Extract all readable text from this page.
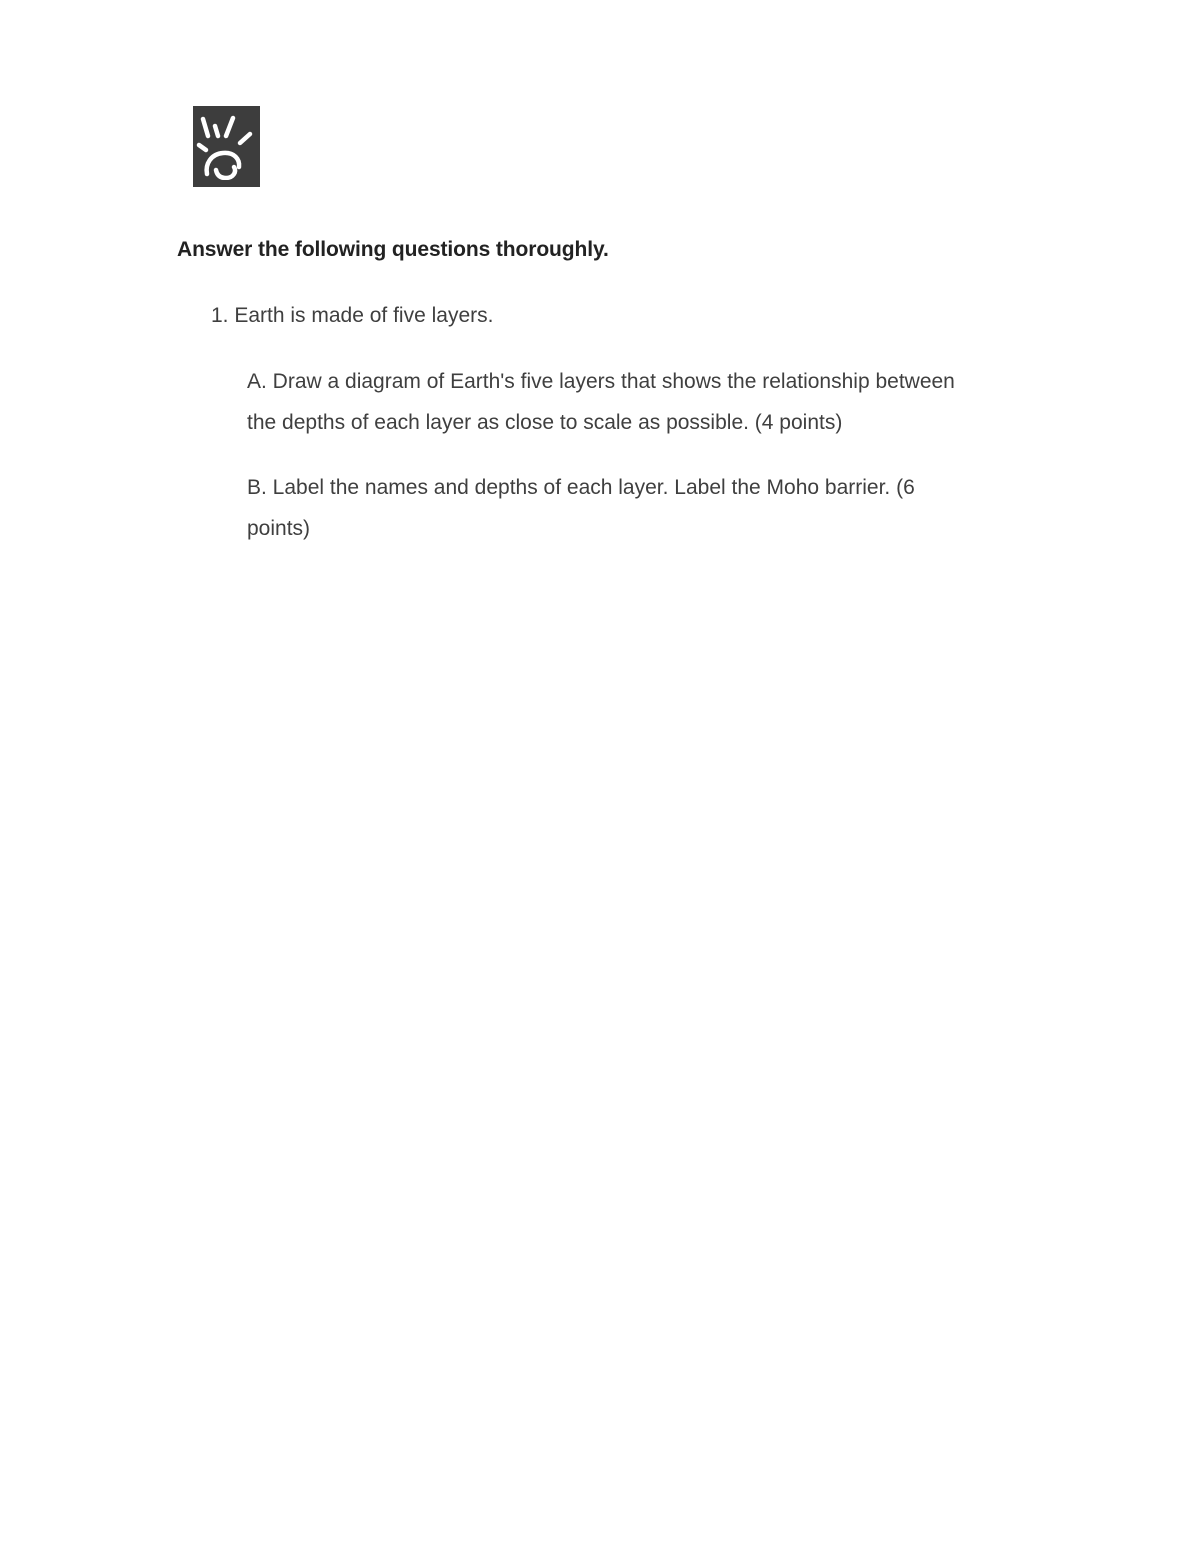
Answer the following questions thoroughly.
1. Earth is made of five layers.
A. Draw a diagram of Earth's five layers that shows the relationship between
the depths of each layer as close to scale as possible. (4 points)
B. Label the names and depths of each layer. Label the Moho barrier. (6
points)
